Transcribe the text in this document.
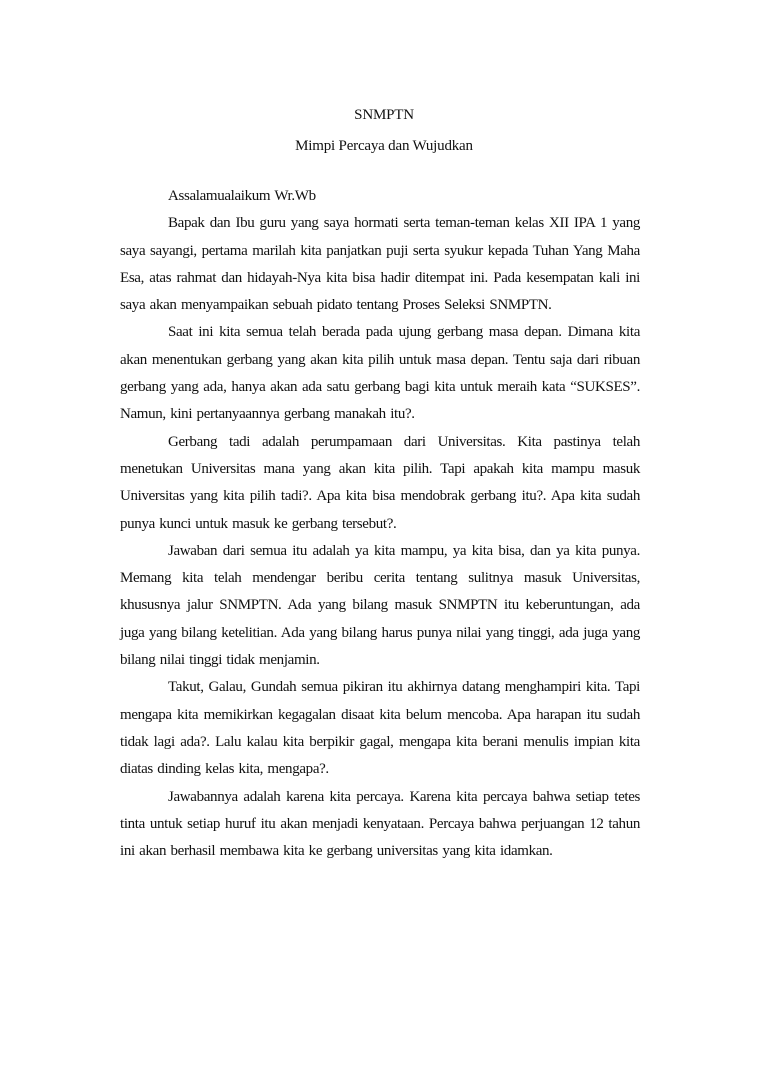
SNMPTN
Mimpi Percaya dan Wujudkan

Assalamualaikum Wr.Wb

Bapak dan Ibu guru yang saya hormati serta teman-teman kelas XII IPA 1 yang saya sayangi, pertama marilah kita panjatkan puji serta syukur kepada Tuhan Yang Maha Esa, atas rahmat dan hidayah-Nya kita bisa hadir ditempat ini. Pada kesempatan kali ini saya akan menyampaikan sebuah pidato tentang Proses Seleksi SNMPTN.

Saat ini kita semua telah berada pada ujung gerbang masa depan. Dimana kita akan menentukan gerbang yang akan kita pilih untuk masa depan. Tentu saja dari ribuan gerbang yang ada, hanya akan ada satu gerbang bagi kita untuk meraih kata “SUKSES”. Namun, kini pertanyaannya gerbang manakah itu?.

Gerbang tadi adalah perumpamaan dari Universitas. Kita pastinya telah menetukan Universitas mana yang akan kita pilih. Tapi apakah kita mampu masuk Universitas yang kita pilih tadi?. Apa kita bisa mendobrak gerbang itu?. Apa kita sudah punya kunci untuk masuk ke gerbang tersebut?.

Jawaban dari semua itu adalah ya kita mampu, ya kita bisa, dan ya kita punya. Memang kita telah mendengar beribu cerita tentang sulitnya masuk Universitas, khususnya jalur SNMPTN. Ada yang bilang masuk SNMPTN itu keberuntungan, ada juga yang bilang ketelitian. Ada yang bilang harus punya nilai yang tinggi, ada juga yang bilang nilai tinggi tidak menjamin.

Takut, Galau, Gundah semua pikiran itu akhirnya datang menghampiri kita. Tapi mengapa kita memikirkan kegagalan disaat kita belum mencoba. Apa harapan itu sudah tidak lagi ada?. Lalu kalau kita berpikir gagal, mengapa kita berani menulis impian kita diatas dinding kelas kita, mengapa?.

Jawabannya adalah karena kita percaya. Karena kita percaya bahwa setiap tetes tinta untuk setiap huruf itu akan menjadi kenyataan. Percaya bahwa perjuangan 12 tahun ini akan berhasil membawa kita ke gerbang universitas yang kita idamkan.
